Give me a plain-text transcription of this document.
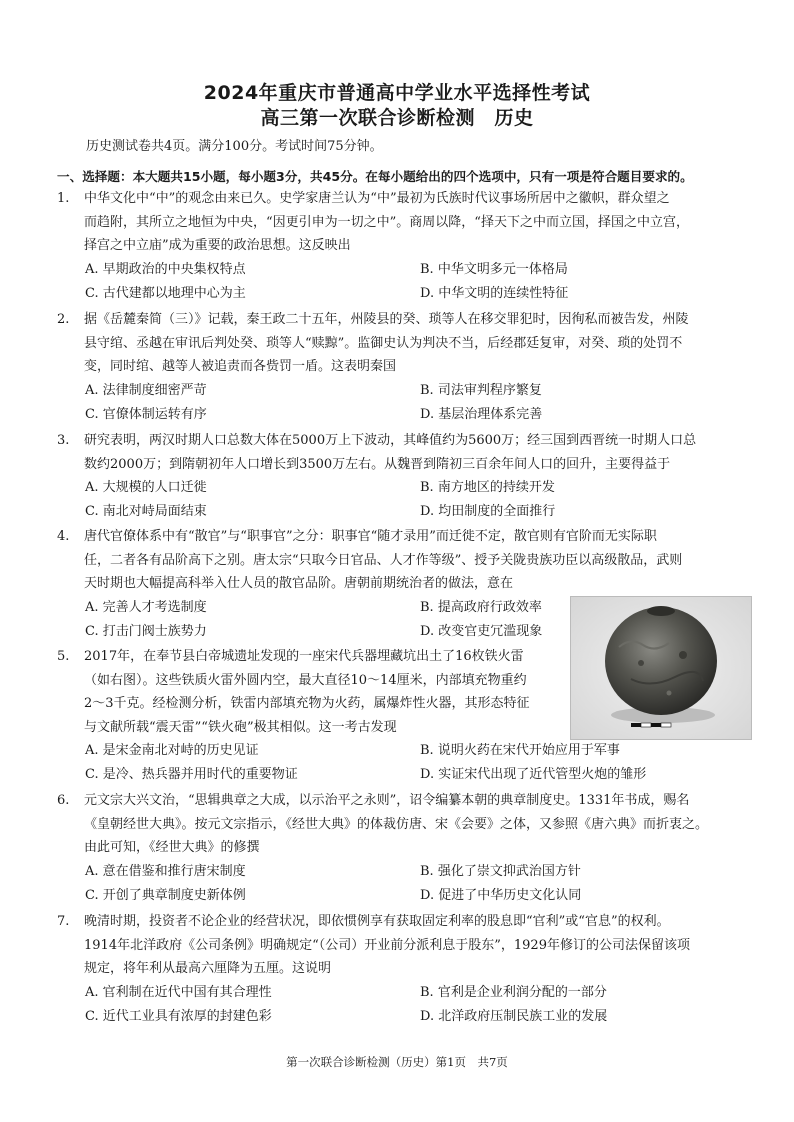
2024年重庆市普通高中学业水平选择性考试
高三第一次联合诊断检测　历史
历史测试卷共4页。满分100分。考试时间75分钟。
一、选择题：本大题共15小题，每小题3分，共45分。在每小题给出的四个选项中，只有一项是符合题目要求的。
1. 中华文化中“中”的观念由来已久。史学家唐兰认为“中”最初为氏族时代议事场所居中之徽帜，群众望之
而趋附，其所立之地恒为中央，“因更引申为一切之中”。商周以降，“择天下之中而立国，择国之中立宫，
择宫之中立庙”成为重要的政治思想。这反映出
A. 早期政治的中央集权特点	B. 中华文明多元一体格局
C. 古代建都以地理中心为主	D. 中华文明的连续性特征
2. 据《岳麓秦简（三）》记载，秦王政二十五年，州陵县的癸、琐等人在移交罪犯时，因徇私而被告发，州陵
县守绾、丞越在审讯后判处癸、琐等人“赎黥”。监御史认为判决不当，后经郡廷复审，对癸、琐的处罚不
变，同时绾、越等人被追责而各赀罚一盾。这表明秦国
A. 法律制度细密严苛	B. 司法审判程序繁复
C. 官僚体制运转有序	D. 基层治理体系完善
3. 研究表明，两汉时期人口总数大体在5000万上下波动，其峰值约为5600万；经三国到西晋统一时期人口总
数约2000万；到隋朝初年人口增长到3500万左右。从魏晋到隋初三百余年间人口的回升，主要得益于
A. 大规模的人口迁徙	B. 南方地区的持续开发
C. 南北对峙局面结束	D. 均田制度的全面推行
4. 唐代官僚体系中有“散官”与“职事官”之分：职事官“随才录用”而迁徙不定，散官则有官阶而无实际职
任，二者各有品阶高下之别。唐太宗“只取今日官品、人才作等级”、授予关陇贵族功臣以高级散品，武则
天时期也大幅提高科举入仕人员的散官品阶。唐朝前期统治者的做法，意在
A. 完善人才考选制度	B. 提高政府行政效率
C. 打击门阀士族势力	D. 改变官吏冗滥现象
5. 2017年，在奉节县白帝城遗址发现的一座宋代兵器埋藏坑出土了16枚铁火雷
（如右图）。这些铁质火雷外圆内空，最大直径10～14厘米，内部填充物重约
2～3千克。经检测分析，铁雷内部填充物为火药，属爆炸性火器，其形态特征
与文献所载“震天雷”“铁火砲”极其相似。这一考古发现
A. 是宋金南北对峙的历史见证	B. 说明火药在宋代开始应用于军事
C. 是冷、热兵器并用时代的重要物证	D. 实证宋代出现了近代管型火炮的雏形
6. 元文宗大兴文治，“思辑典章之大成，以示治平之永则”，诏令编纂本朝的典章制度史。1331年书成，赐名
《皇朝经世大典》。按元文宗指示，《经世大典》的体裁仿唐、宋《会要》之体，又参照《唐六典》而折衷之。
由此可知，《经世大典》的修撰
A. 意在借鉴和推行唐宋制度	B. 强化了崇文抑武治国方针
C. 开创了典章制度史新体例	D. 促进了中华历史文化认同
7. 晚清时期，投资者不论企业的经营状况，即依惯例享有获取固定利率的股息即“官利”或“官息”的权利。
1914年北洋政府《公司条例》明确规定“（公司）开业前分派利息于股东”，1929年修订的公司法保留该项
规定，将年利从最高六厘降为五厘。这说明
A. 官利制在近代中国有其合理性	B. 官利是企业利润分配的一部分
C. 近代工业具有浓厚的封建色彩	D. 北洋政府压制民族工业的发展
第一次联合诊断检测（历史）第1页　共7页
